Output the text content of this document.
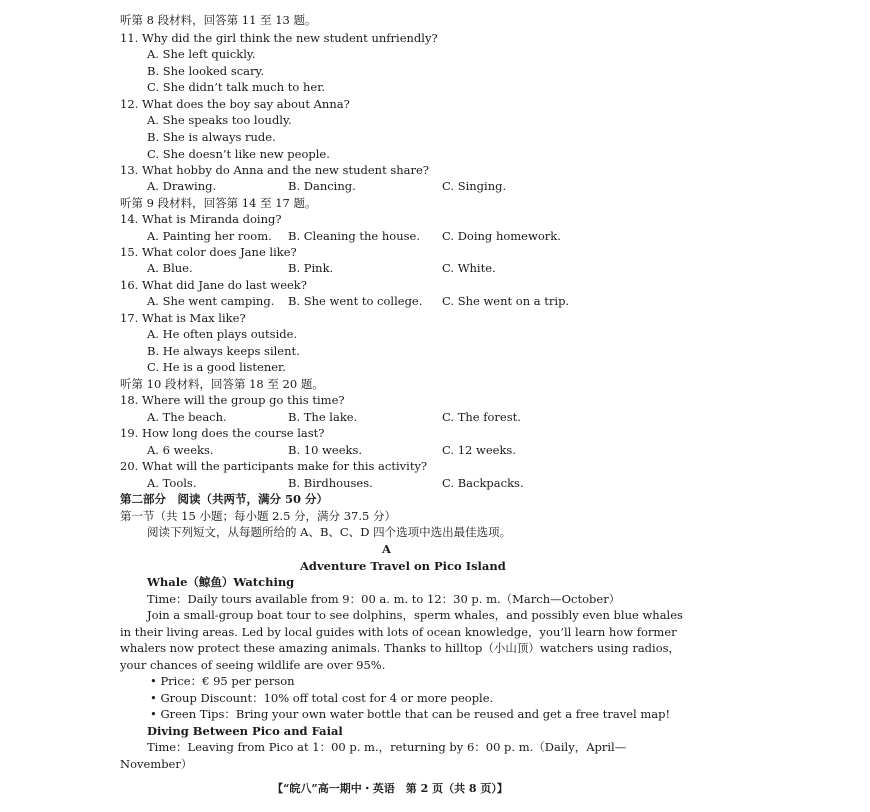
听第 8 段材料，回答第 11 至 13 题。
11. Why did the girl think the new student unfriendly?
A. She left quickly.
B. She looked scary.
C. She didn’t talk much to her.
12. What does the boy say about Anna?
A. She speaks too loudly.
B. She is always rude.
C. She doesn’t like new people.
13. What hobby do Anna and the new student share?
A. Drawing.	B. Dancing.	C. Singing.
听第 9 段材料，回答第 14 至 17 题。
14. What is Miranda doing?
A. Painting her room. B. Cleaning the house. C. Doing homework.
15. What color does Jane like?
A. Blue.	B. Pink.	C. White.
16. What did Jane do last week?
A. She went camping. B. She went to college. C. She went on a trip.
17. What is Max like?
A. He often plays outside.
B. He always keeps silent.
C. He is a good listener.
听第 10 段材料，回答第 18 至 20 题。
18. Where will the group go this time?
A. The beach.	B. The lake.	C. The forest.
19. How long does the course last?
A. 6 weeks.	B. 10 weeks.	C. 12 weeks.
20. What will the participants make for this activity?
A. Tools.	B. Birdhouses.	C. Backpacks.
第二部分　阅读（共两节，满分 50 分）
第一节（共 15 小题；每小题 2.5 分，满分 37.5 分）
阅读下列短文，从每题所给的 A、B、C、D 四个选项中选出最佳选项。
A
Adventure Travel on Pico Island
Whale（鲸鱼）Watching
Time：Daily tours available from 9：00 a. m. to 12：30 p. m.（March—October）
Join a small-group boat tour to see dolphins，sperm whales，and possibly even blue whales
in their living areas. Led by local guides with lots of ocean knowledge，you’ll learn how former
whalers now protect these amazing animals. Thanks to hilltop（小山顶）watchers using radios，
your chances of seeing wildlife are over 95%.
• Price：€ 95 per person
• Group Discount：10% off total cost for 4 or more people.
• Green Tips：Bring your own water bottle that can be reused and get a free travel map!
Diving Between Pico and Faial
Time：Leaving from Pico at 1：00 p. m.，returning by 6：00 p. m.（Daily，April—
November）
【“皖八”高一期中・英语　第 2 页（共 8 页）】
